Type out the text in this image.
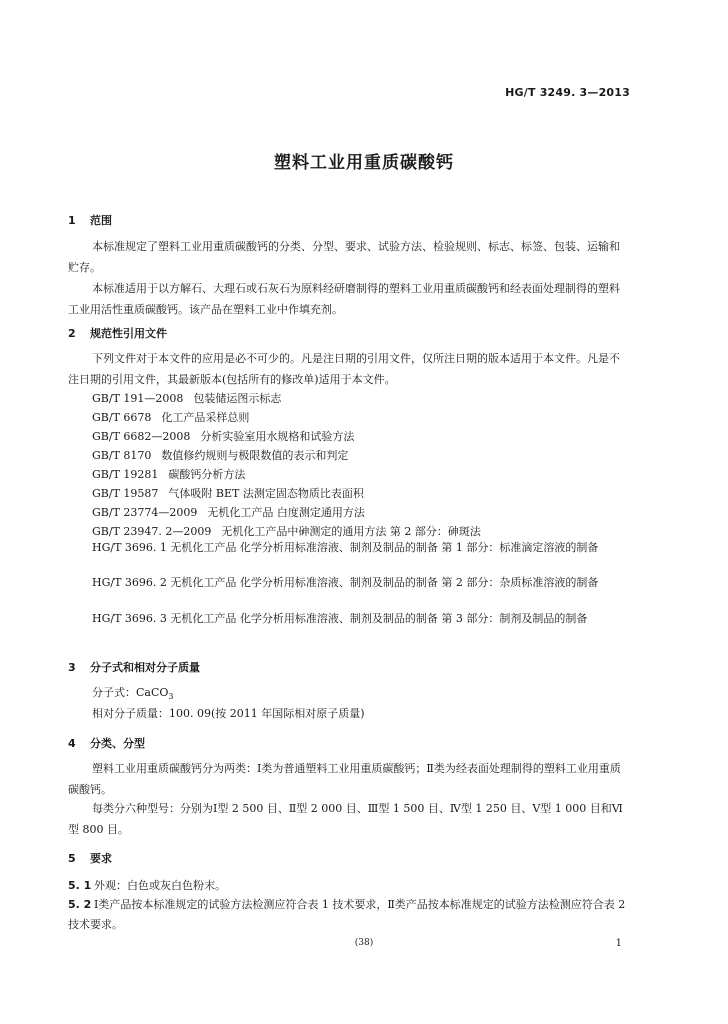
HG/T 3249. 3—2013
塑料工业用重质碳酸钙
1 范围
本标准规定了塑料工业用重质碳酸钙的分类、分型、要求、试验方法、检验规则、标志、标签、包装、运输和贮存。
本标准适用于以方解石、大理石或石灰石为原料经研磨制得的塑料工业用重质碳酸钙和经表面处理制得的塑料工业用活性重质碳酸钙。该产品在塑料工业中作填充剂。
2 规范性引用文件
下列文件对于本文件的应用是必不可少的。凡是注日期的引用文件，仅所注日期的版本适用于本文件。凡是不注日期的引用文件，其最新版本(包括所有的修改单)适用于本文件。
GB/T 191—2008 包装储运图示标志
GB/T 6678 化工产品采样总则
GB/T 6682—2008 分析实验室用水规格和试验方法
GB/T 8170 数值修约规则与极限数值的表示和判定
GB/T 19281 碳酸钙分析方法
GB/T 19587 气体吸附 BET 法测定固态物质比表面积
GB/T 23774—2009 无机化工产品 白度测定通用方法
GB/T 23947. 2—2009 无机化工产品中砷测定的通用方法 第 2 部分：砷斑法
HG/T 3696. 1 无机化工产品 化学分析用标准溶液、制剂及制品的制备 第 1 部分：标准滴定溶液的制备
HG/T 3696. 2 无机化工产品 化学分析用标准溶液、制剂及制品的制备 第 2 部分：杂质标准溶液的制备
HG/T 3696. 3 无机化工产品 化学分析用标准溶液、制剂及制品的制备 第 3 部分：制剂及制品的制备
3 分子式和相对分子质量
分子式：CaCO$_3$
相对分子质量：100. 09(按 2011 年国际相对原子质量)
4 分类、分型
塑料工业用重质碳酸钙分为两类：Ⅰ类为普通塑料工业用重质碳酸钙；Ⅱ类为经表面处理制得的塑料工业用重质碳酸钙。
每类分六种型号：分别为Ⅰ型 2 500 目、Ⅱ型 2 000 目、Ⅲ型 1 500 目、Ⅳ型 1 250 目、Ⅴ型 1 000 目和Ⅵ型 800 目。
5 要求
5. 1 外观：白色或灰白色粉末。
5. 2 Ⅰ类产品按本标准规定的试验方法检测应符合表 1 技术要求，Ⅱ类产品按本标准规定的试验方法检测应符合表 2 技术要求。
(38)	1
